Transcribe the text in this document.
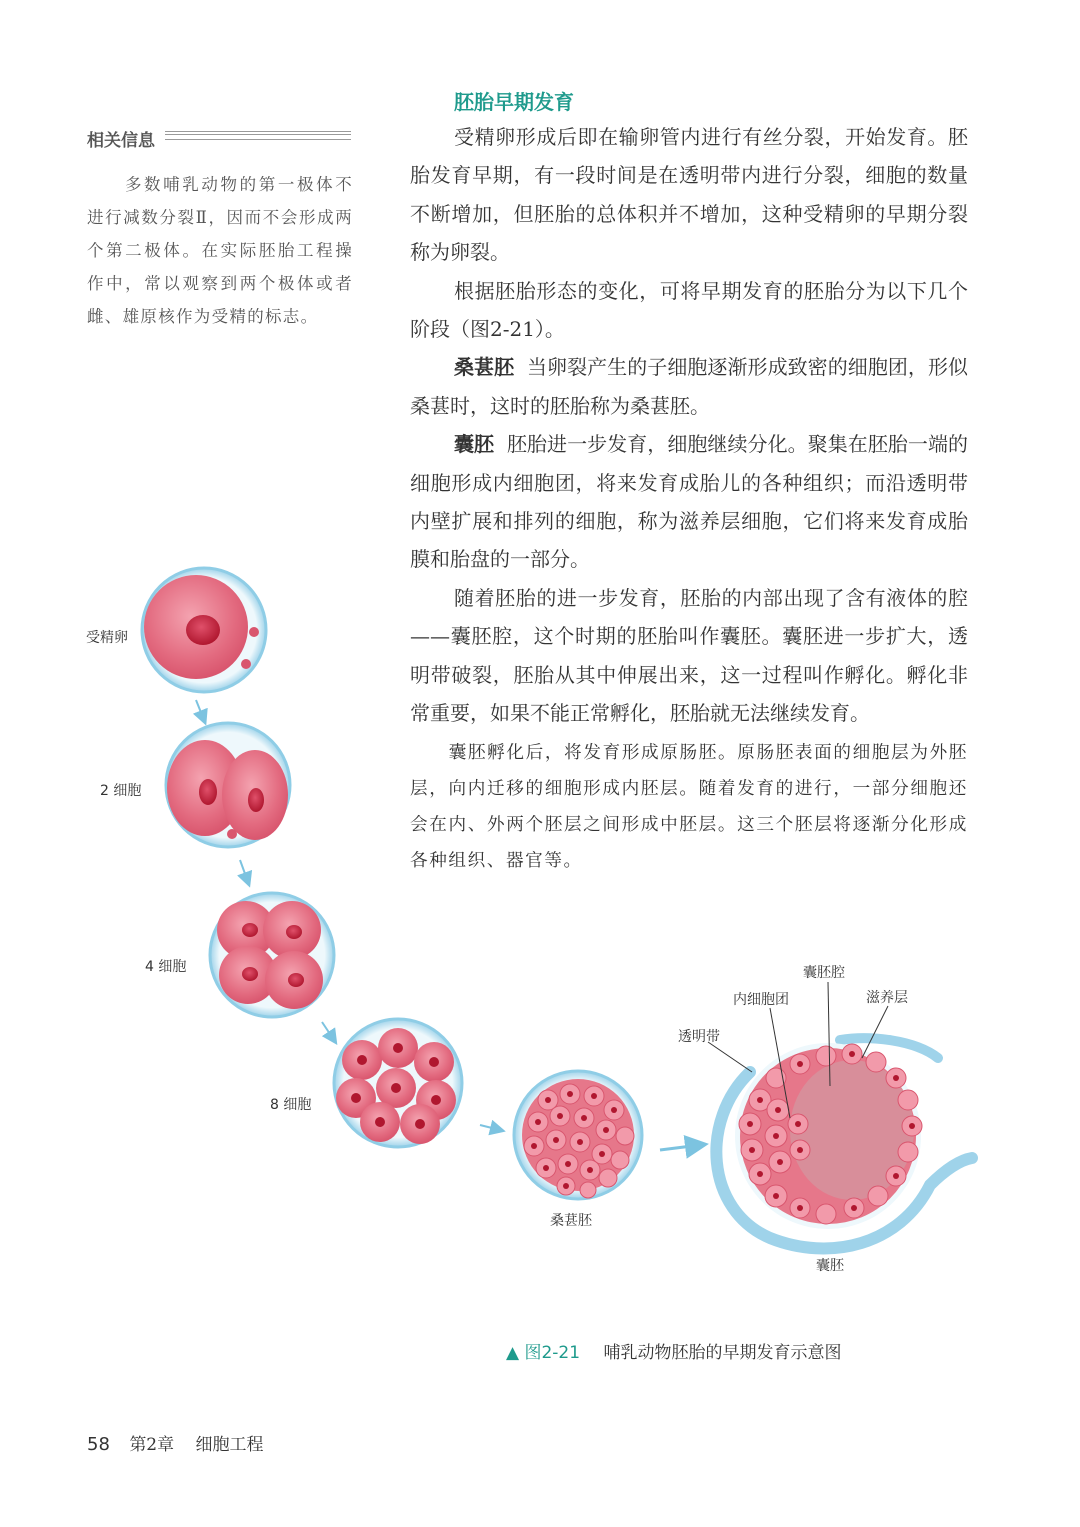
相关信息

多数哺乳动物的第一极体不进行减数分裂Ⅱ，因而不会形成两个第二极体。在实际胚胎工程操作中，常以观察到两个极体或者雌、雄原核作为受精的标志。

胚胎早期发育

受精卵形成后即在输卵管内进行有丝分裂，开始发育。胚胎发育早期，有一段时间是在透明带内进行分裂，细胞的数量不断增加，但胚胎的总体积并不增加，这种受精卵的早期分裂称为卵裂。

根据胚胎形态的变化，可将早期发育的胚胎分为以下几个阶段（图2-21）。

桑葚胚 当卵裂产生的子细胞逐渐形成致密的细胞团，形似桑葚时，这时的胚胎称为桑葚胚。

囊胚 胚胎进一步发育，细胞继续分化。聚集在胚胎一端的细胞形成内细胞团，将来发育成胎儿的各种组织；而沿透明带内壁扩展和排列的细胞，称为滋养层细胞，它们将来发育成胎膜和胎盘的一部分。

随着胚胎的进一步发育，胚胎的内部出现了含有液体的腔——囊胚腔，这个时期的胚胎叫作囊胚。囊胚进一步扩大，透明带破裂，胚胎从其中伸展出来，这一过程叫作孵化。孵化非常重要，如果不能正常孵化，胚胎就无法继续发育。

囊胚孵化后，将发育形成原肠胚。原肠胚表面的细胞层为外胚层，向内迁移的细胞形成内胚层。随着发育的进行，一部分细胞还会在内、外两个胚层之间形成中胚层。这三个胚层将逐渐分化形成各种组织、器官等。

受精卵
2 细胞
4 细胞
8 细胞
桑葚胚
囊胚
囊胚腔
内细胞团	滋养层
透明带
▲ 图2-21 哺乳动物胚胎的早期发育示意图
58 第2章 细胞工程
